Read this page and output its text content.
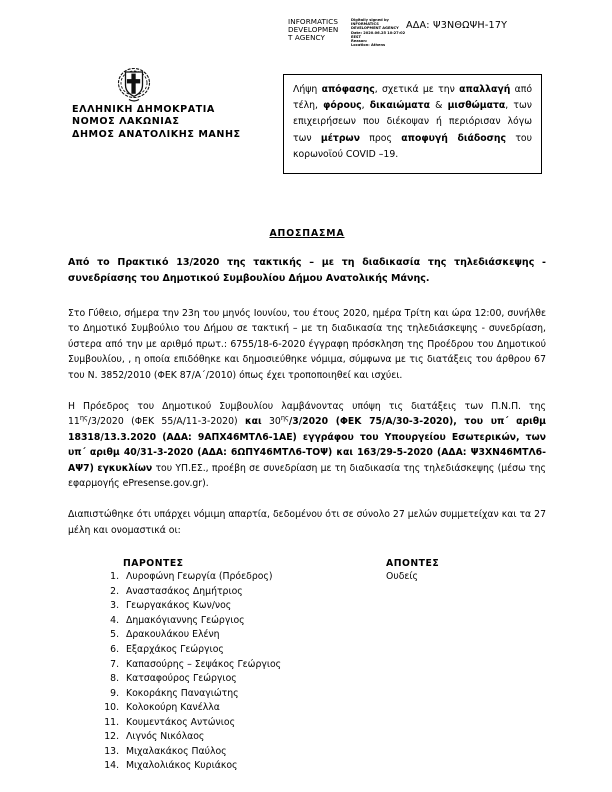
INFORMATICS
DEVELOPMEN
T AGENCY
Digitally signed by
INFORMATICS
DEVELOPMENT AGENCY
Date: 2020.06.25 10:27:02
EEST
Reason:
Location: Athens
ΑΔΑ: Ψ3ΝΘΩΨΗ-17Υ
ΕΛΛΗΝΙΚΗ ΔΗΜΟΚΡΑΤΙΑ
ΝΟΜΟΣ ΛΑΚΩΝΙΑΣ
ΔΗΜΟΣ ΑΝΑΤΟΛΙΚΗΣ ΜΑΝΗΣ

Λήψη απόφασης, σχετικά με την απαλλαγή από τέλη, φόρους, δικαιώματα & μισθώματα, των επιχειρήσεων που διέκοψαν ή περιόρισαν λόγω των μέτρων προς αποφυγή διάδοσης του κορωνοϊού COVID –19.

ΑΠΟΣΠΑΣΜΑ
Από το Πρακτικό 13/2020 της τακτικής – με τη διαδικασία της τηλεδιάσκεψης - συνεδρίασης του Δημοτικού Συμβουλίου Δήμου Ανατολικής Μάνης.

Στο Γύθειο, σήμερα την 23η του μηνός Ιουνίου, του έτους 2020, ημέρα Τρίτη και ώρα 12:00, συνήλθε το Δημοτικό Συμβούλιο του Δήμου σε τακτική – με τη διαδικασία της τηλεδιάσκεψης - συνεδρίαση, ύστερα από την με αριθμό πρωτ.: 6755/18-6-2020 έγγραφη πρόσκληση της Προέδρου του Δημοτικού Συμβουλίου, , η οποία επιδόθηκε και δημοσιεύθηκε νόμιμα, σύμφωνα με τις διατάξεις του άρθρου 67 του Ν. 3852/2010 (ΦΕΚ 87/Α΄/2010) όπως έχει τροποποιηθεί και ισχύει.

Η Πρόεδρος του Δημοτικού Συμβουλίου λαμβάνοντας υπόψη τις διατάξεις των Π.Ν.Π. της $11^{\eta\varsigma}/3/2020$ (ΦΕΚ 55/Α/11-3-2020) και $30^{\eta\varsigma}/3/2020$ (ΦΕΚ 75/Α/30-3-2020), του υπ΄ αριθμ 18318/13.3.2020 (ΑΔΑ: 9ΑΠΧ46ΜΤΛ6-1ΑΕ) εγγράφου του Υπουργείου Εσωτερικών, των υπ΄ αριθμ 40/31-3-2020 (ΑΔΑ: 6ΩΠΥ46ΜΤΛ6-ΤΟΨ) και 163/29-5-2020 (ΑΔΑ: Ψ3ΧΝ46ΜΤΛ6-ΑΨ7) εγκυκλίων του ΥΠ.ΕΣ., προέβη σε συνεδρίαση με τη διαδικασία της τηλεδιάσκεψης (μέσω της εφαρμογής ePresense.gov.gr).

Διαπιστώθηκε ότι υπάρχει νόμιμη απαρτία, δεδομένου ότι σε σύνολο 27 μελών συμμετείχαν και τα 27 μέλη και ονομαστικά οι:

ΠΑΡΟΝΤΕΣ	ΑΠΟΝΤΕΣ
Ουδείς
1. Λυροφώνη Γεωργία (Πρόεδρος)
2. Αναστασάκος Δημήτριος
3. Γεωργακάκος Κων/νος
4. Δημακόγιαννης Γεώργιος
5. Δρακουλάκου Ελένη
6. Εξαρχάκος Γεώργιος
7. Καπασούρης – Σεψάκος Γεώργιος
8. Κατσαφούρος Γεώργιος
9. Κοκοράκης Παναγιώτης
10. Κολοκούρη Κανέλλα
11. Κουμεντάκος Αντώνιος
12. Λιγνός Νικόλαος
13. Μιχαλακάκος Παύλος
14. Μιχαλολιάκος Κυριάκος
